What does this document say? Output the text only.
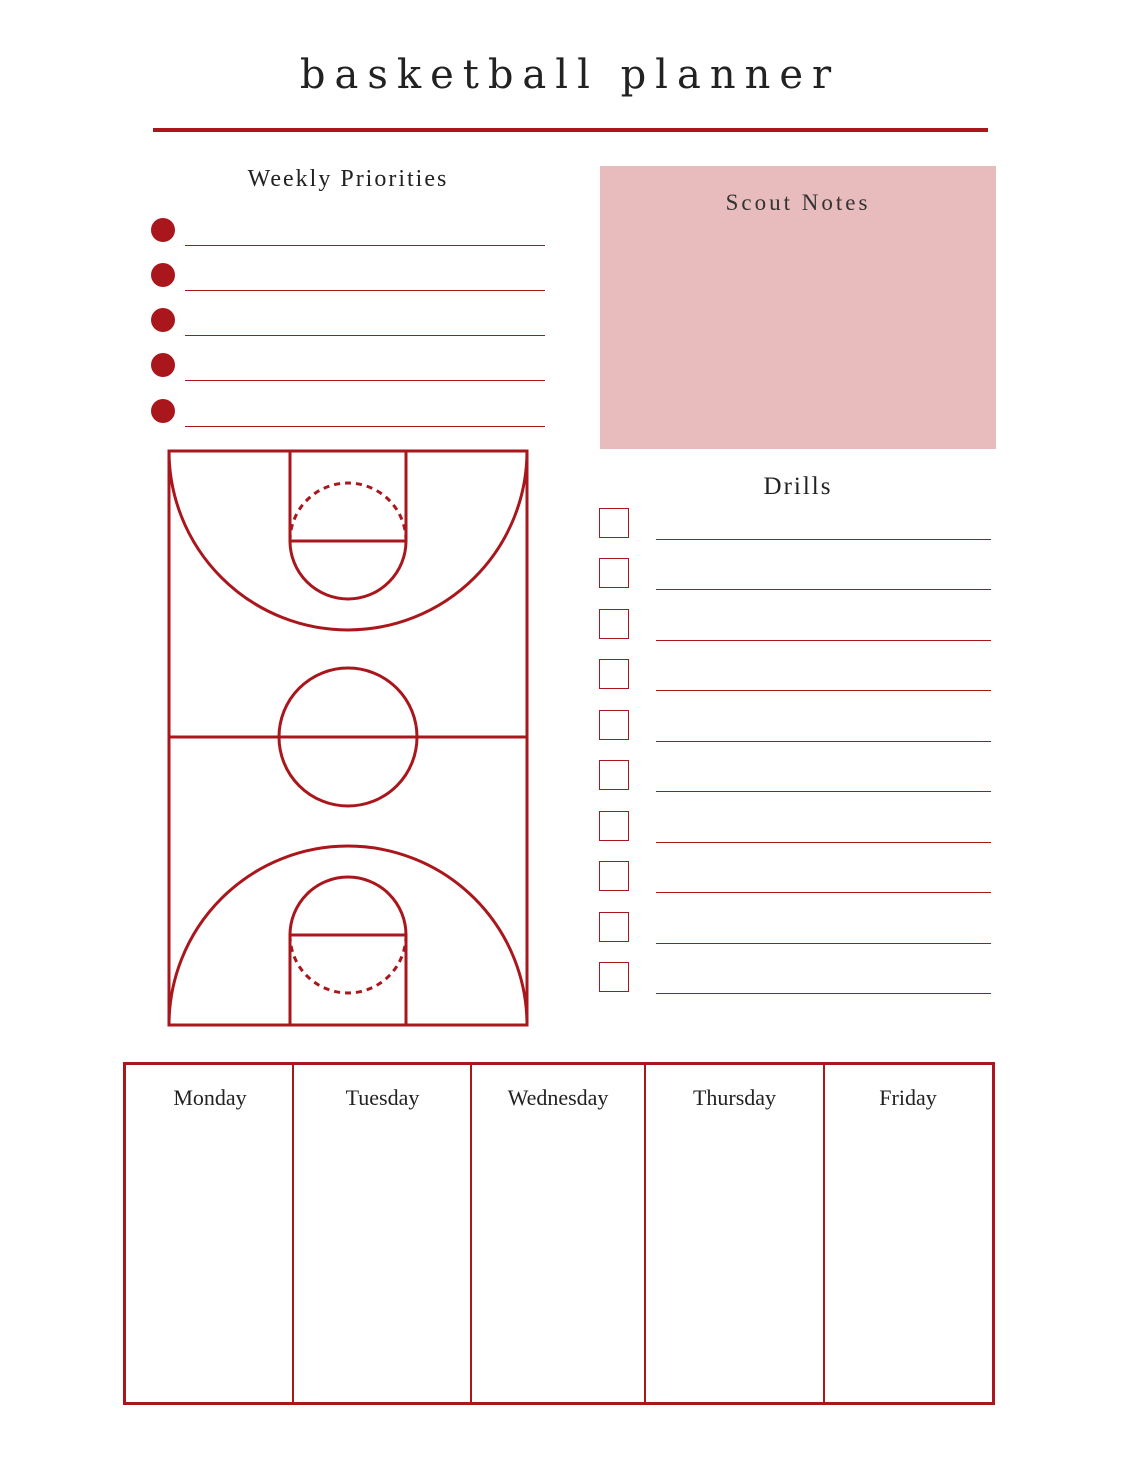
basketball planner
Weekly Priorities
Scout Notes
Drills
Monday	Tuesday	Wednesday	Thursday	Friday
